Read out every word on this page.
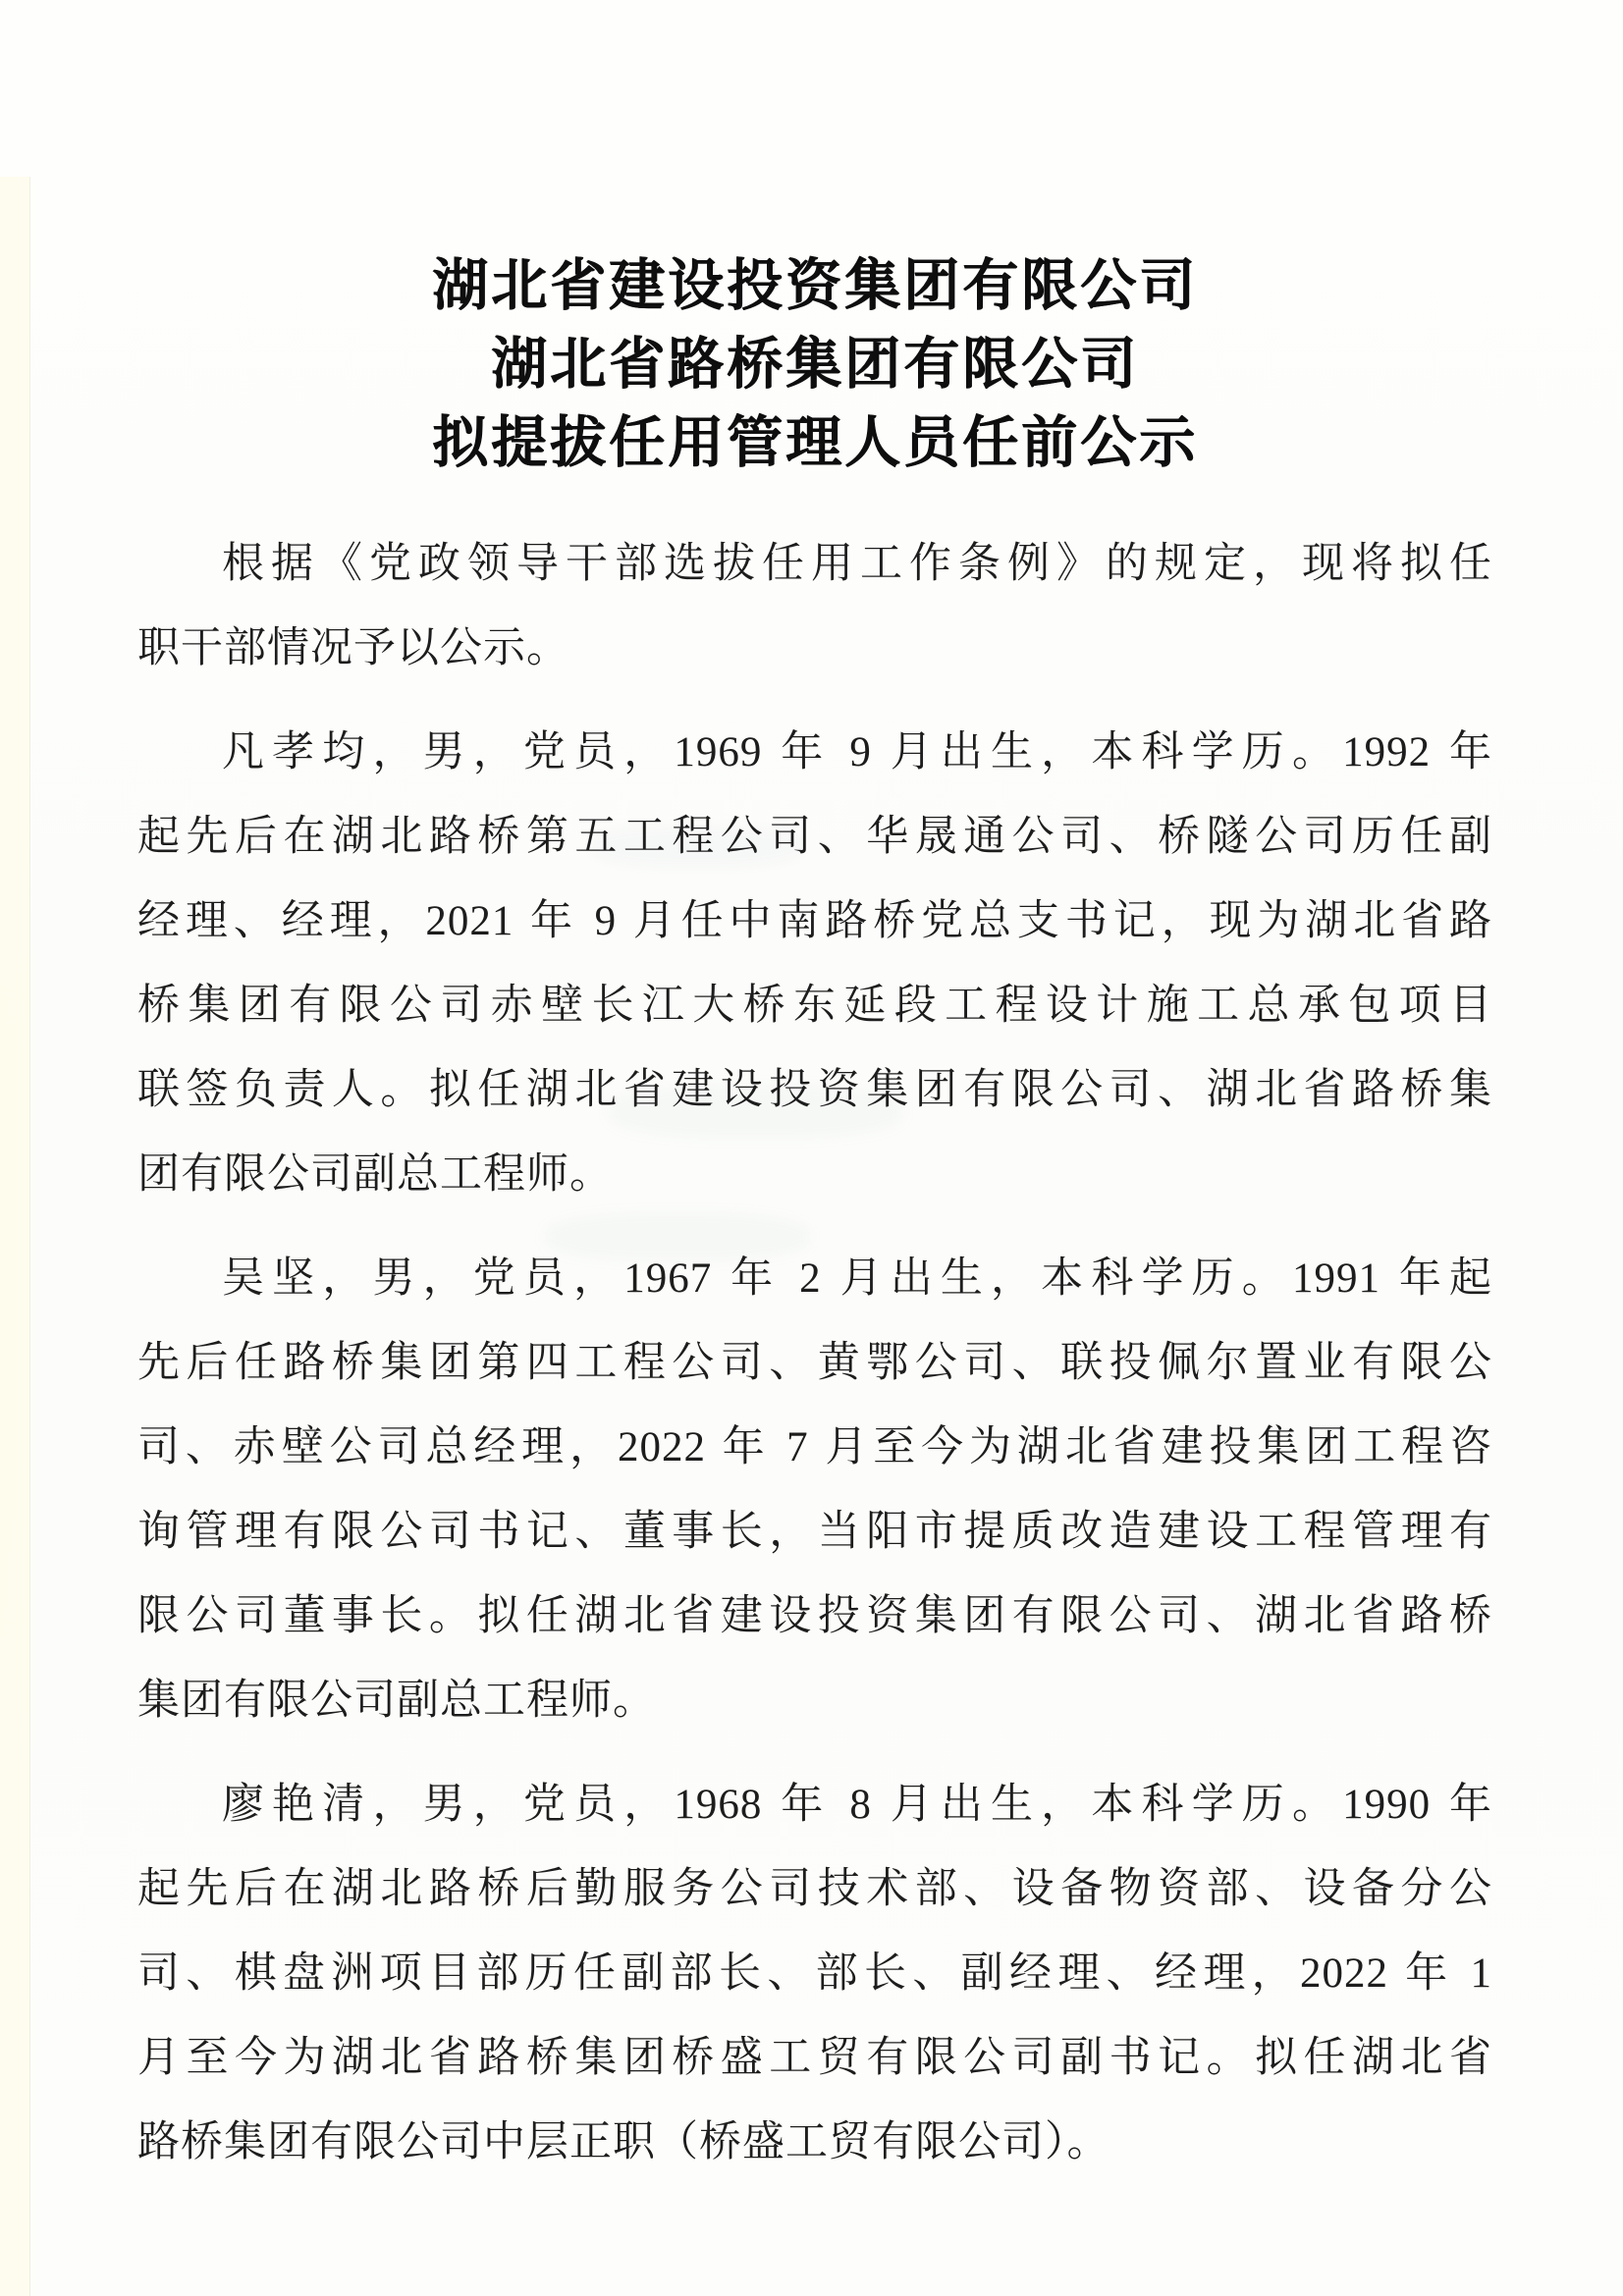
湖北省建设投资集团有限公司
湖北省路桥集团有限公司
拟提拔任用管理人员任前公示
根据《党政领导干部选拔任用工作条例》的规定，现将拟任
职干部情况予以公示。
凡孝均，男，党员，1969 年 9 月出生，本科学历。1992 年
起先后在湖北路桥第五工程公司、华晟通公司、桥隧公司历任副
经理、经理，2021 年 9 月任中南路桥党总支书记，现为湖北省路
桥集团有限公司赤壁长江大桥东延段工程设计施工总承包项目
联签负责人。拟任湖北省建设投资集团有限公司、湖北省路桥集
团有限公司副总工程师。
吴坚，男，党员，1967 年 2 月出生，本科学历。1991 年起
先后任路桥集团第四工程公司、黄鄂公司、联投佩尔置业有限公
司、赤壁公司总经理，2022 年 7 月至今为湖北省建投集团工程咨
询管理有限公司书记、董事长，当阳市提质改造建设工程管理有
限公司董事长。拟任湖北省建设投资集团有限公司、湖北省路桥
集团有限公司副总工程师。
廖艳清，男，党员，1968 年 8 月出生，本科学历。1990 年
起先后在湖北路桥后勤服务公司技术部、设备物资部、设备分公
司、棋盘洲项目部历任副部长、部长、副经理、经理，2022 年 1
月至今为湖北省路桥集团桥盛工贸有限公司副书记。拟任湖北省
路桥集团有限公司中层正职（桥盛工贸有限公司）。
